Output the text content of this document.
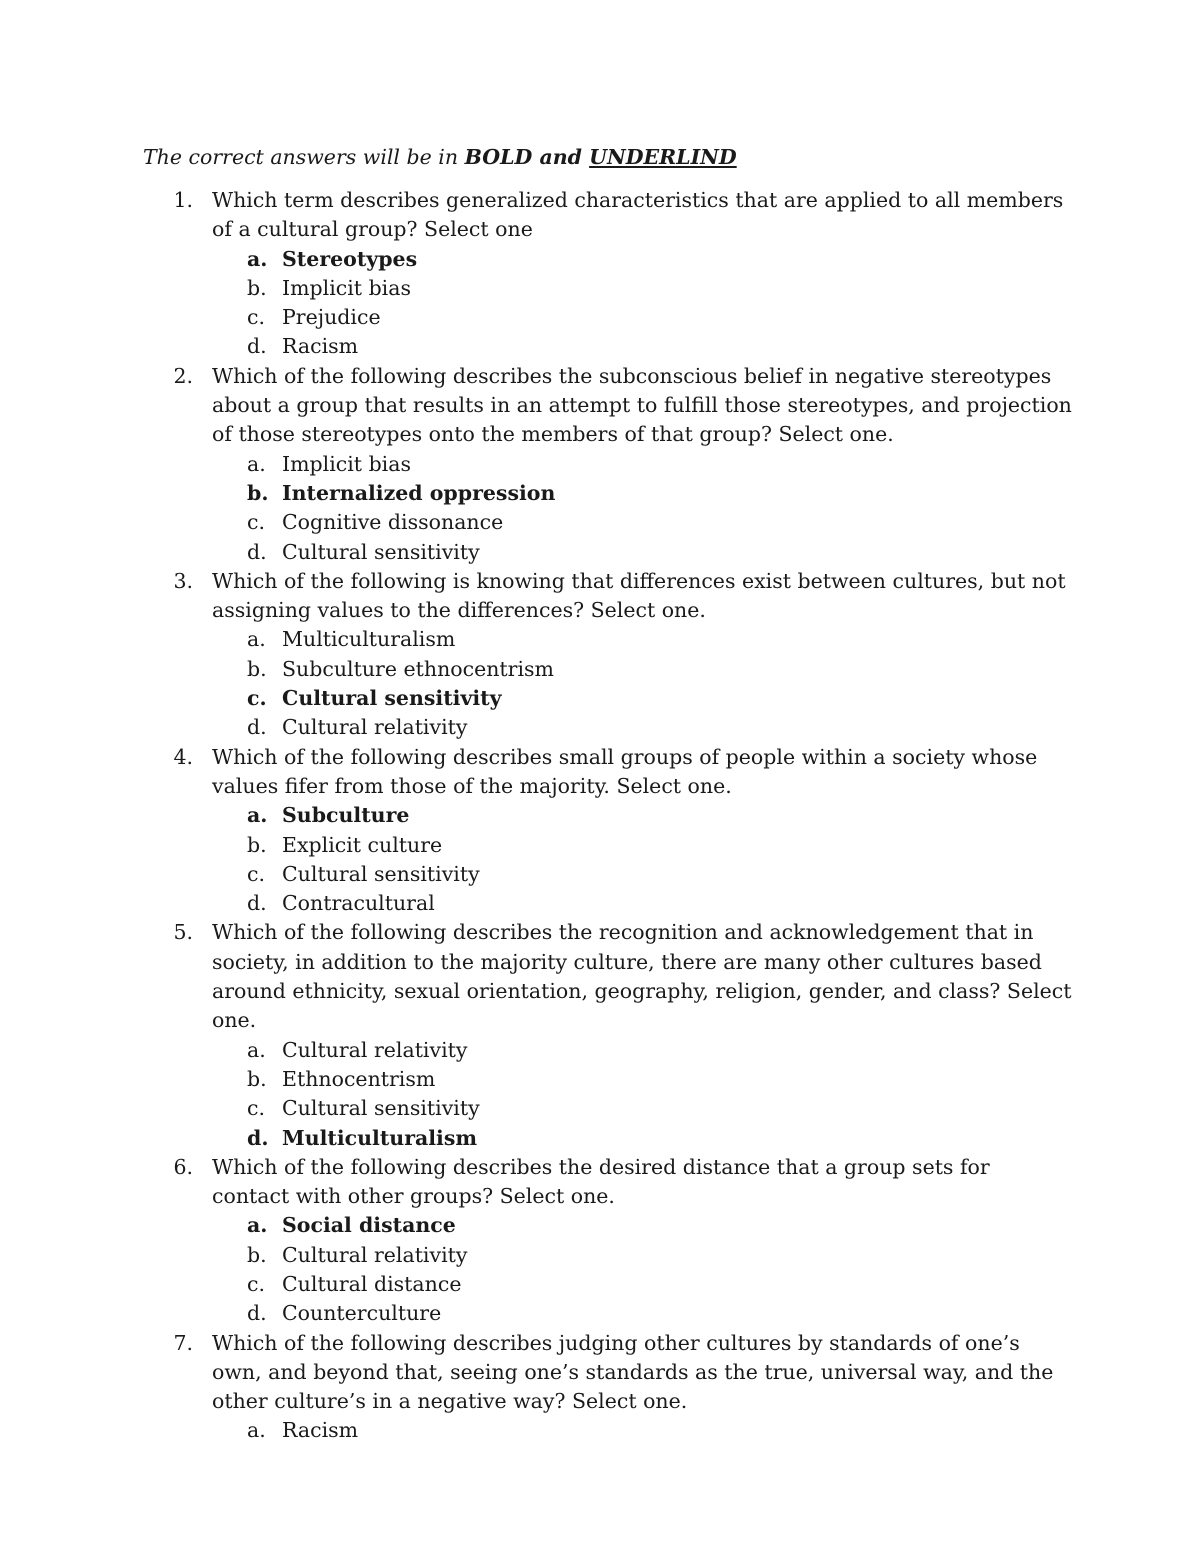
The correct answers will be in BOLD and UNDERLIND
1. Which term describes generalized characteristics that are applied to all members of a cultural group? Select one
a. Stereotypes
b. Implicit bias
c. Prejudice
d. Racism
2. Which of the following describes the subconscious belief in negative stereotypes about a group that results in an attempt to fulfill those stereotypes, and projection of those stereotypes onto the members of that group? Select one.
a. Implicit bias
b. Internalized oppression
c. Cognitive dissonance
d. Cultural sensitivity
3. Which of the following is knowing that differences exist between cultures, but not assigning values to the differences? Select one.
a. Multiculturalism
b. Subculture ethnocentrism
c. Cultural sensitivity
d. Cultural relativity
4. Which of the following describes small groups of people within a society whose values fifer from those of the majority. Select one.
a. Subculture
b. Explicit culture
c. Cultural sensitivity
d. Contracultural
5. Which of the following describes the recognition and acknowledgement that in society, in addition to the majority culture, there are many other cultures based around ethnicity, sexual orientation, geography, religion, gender, and class? Select one.
a. Cultural relativity
b. Ethnocentrism
c. Cultural sensitivity
d. Multiculturalism
6. Which of the following describes the desired distance that a group sets for contact with other groups? Select one.
a. Social distance
b. Cultural relativity
c. Cultural distance
d. Counterculture
7. Which of the following describes judging other cultures by standards of one’s own, and beyond that, seeing one’s standards as the true, universal way, and the other culture’s in a negative way? Select one.
a. Racism
